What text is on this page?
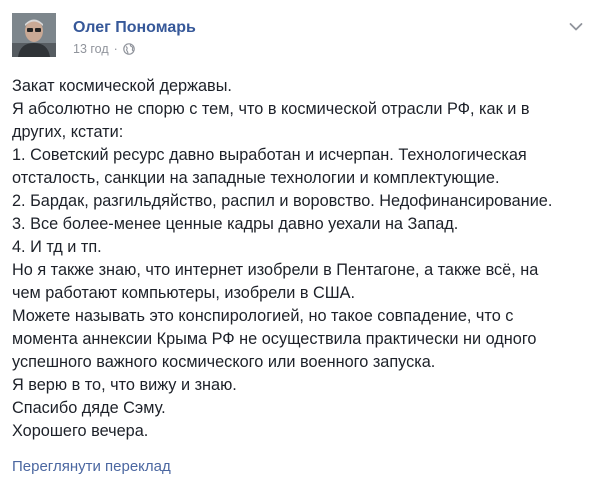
Олег Пономарь
13 год ·
Закат космической державы.
Я абсолютно не спорю с тем, что в космической отрасли РФ, как и в
других, кстати:
1. Советский ресурс давно выработан и исчерпан. Технологическая
отсталость, санкции на западные технологии и комплектующие.
2. Бардак, разгильдяйство, распил и воровство. Недофинансирование.
3. Все более-менее ценные кадры давно уехали на Запад.
4. И тд и тп.
Но я также знаю, что интернет изобрели в Пентагоне, а также всё, на
чем работают компьютеры, изобрели в США.
Можете называть это конспирологией, но такое совпадение, что с
момента аннексии Крыма РФ не осуществила практически ни одного
успешного важного космического или военного запуска.
Я верю в то, что вижу и знаю.
Спасибо дяде Сэму.
Хорошего вечера.
Переглянути переклад
